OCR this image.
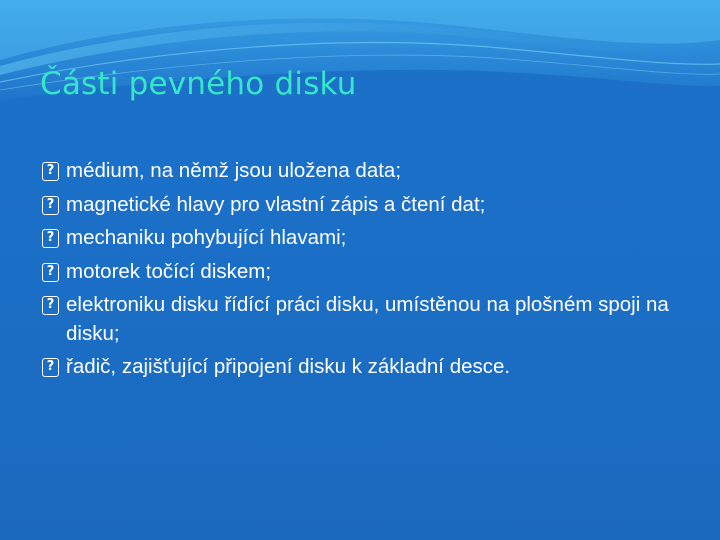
Části pevného disku
?
médium, na němž jsou uložena data;
?
magnetické hlavy pro vlastní zápis a čtení dat;
?
mechaniku pohybující hlavami;
?
motorek točící diskem;
?
elektroniku disku řídící práci disku, umístěnou na plošném spoji na disku;
?
řadič, zajišťující připojení disku k základní desce.
